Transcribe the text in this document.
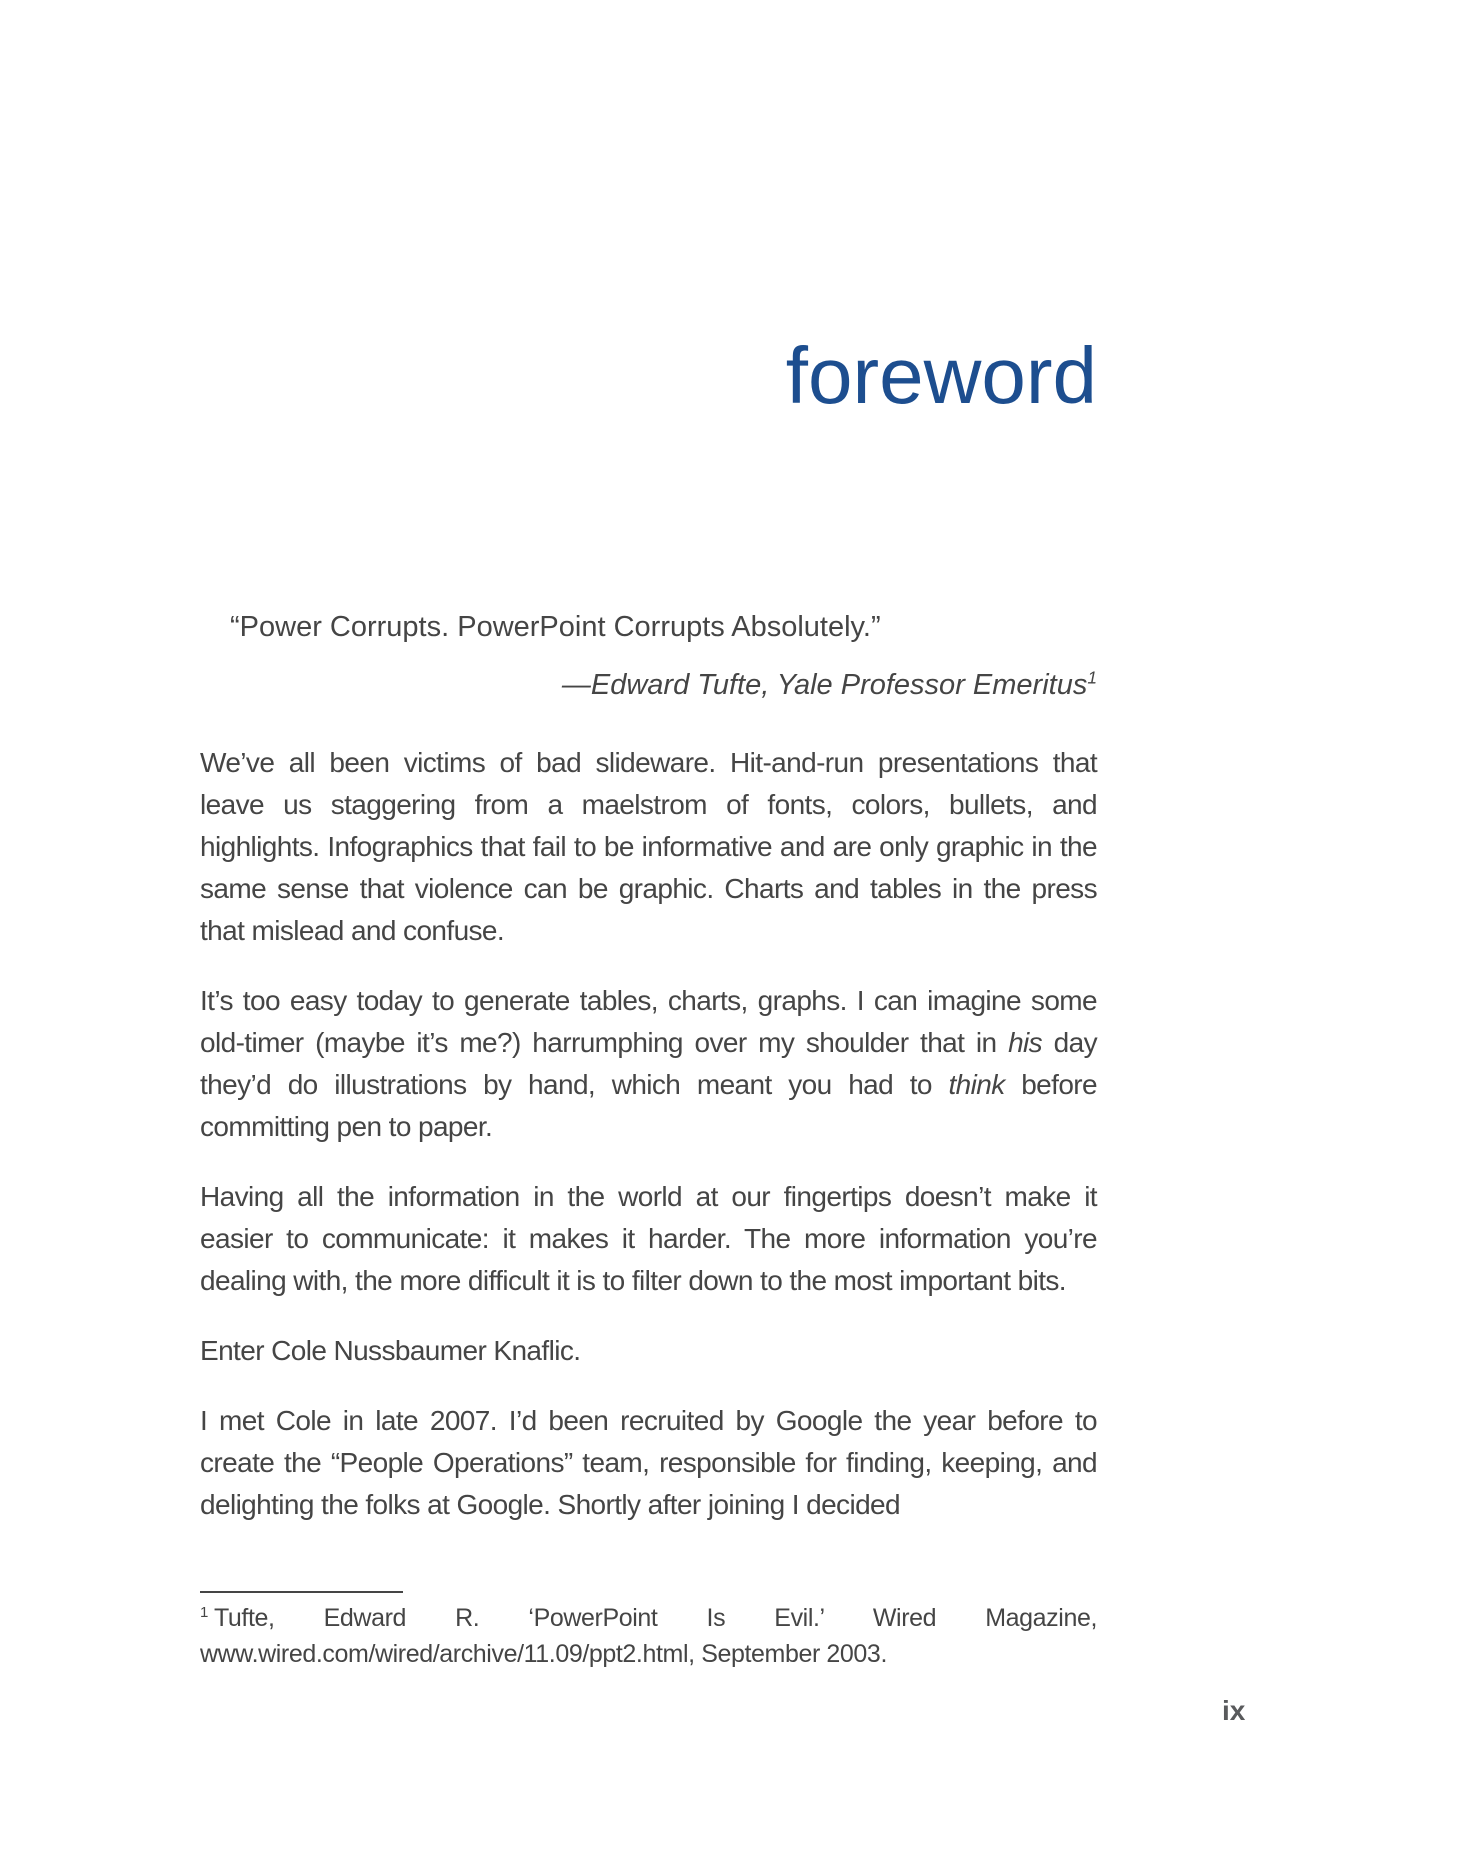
foreword
“Power Corrupts. PowerPoint Corrupts Absolutely.”
—Edward Tufte, Yale Professor Emeritus$^1$

We’ve all been victims of bad slideware. Hit-and-run presentations that leave us staggering from a maelstrom of fonts, colors, bullets, and highlights. Infographics that fail to be informative and are only graphic in the same sense that violence can be graphic. Charts and tables in the press that mislead and confuse.

It’s too easy today to generate tables, charts, graphs. I can imagine some old-timer (maybe it’s me?) harrumphing over my shoulder that in his day they’d do illustrations by hand, which meant you had to think before committing pen to paper.

Having all the information in the world at our fingertips doesn’t make it easier to communicate: it makes it harder. The more information you’re dealing with, the more difficult it is to filter down to the most important bits.

Enter Cole Nussbaumer Knaflic.

I met Cole in late 2007. I’d been recruited by Google the year before to create the “People Operations” team, responsible for finding, keeping, and delighting the folks at Google. Shortly after joining I decided

$^1$ Tufte, Edward R. ‘PowerPoint Is Evil.’ Wired Magazine, www.wired.com/wired/archive/11.09/ppt2.html, September 2003.

ix
